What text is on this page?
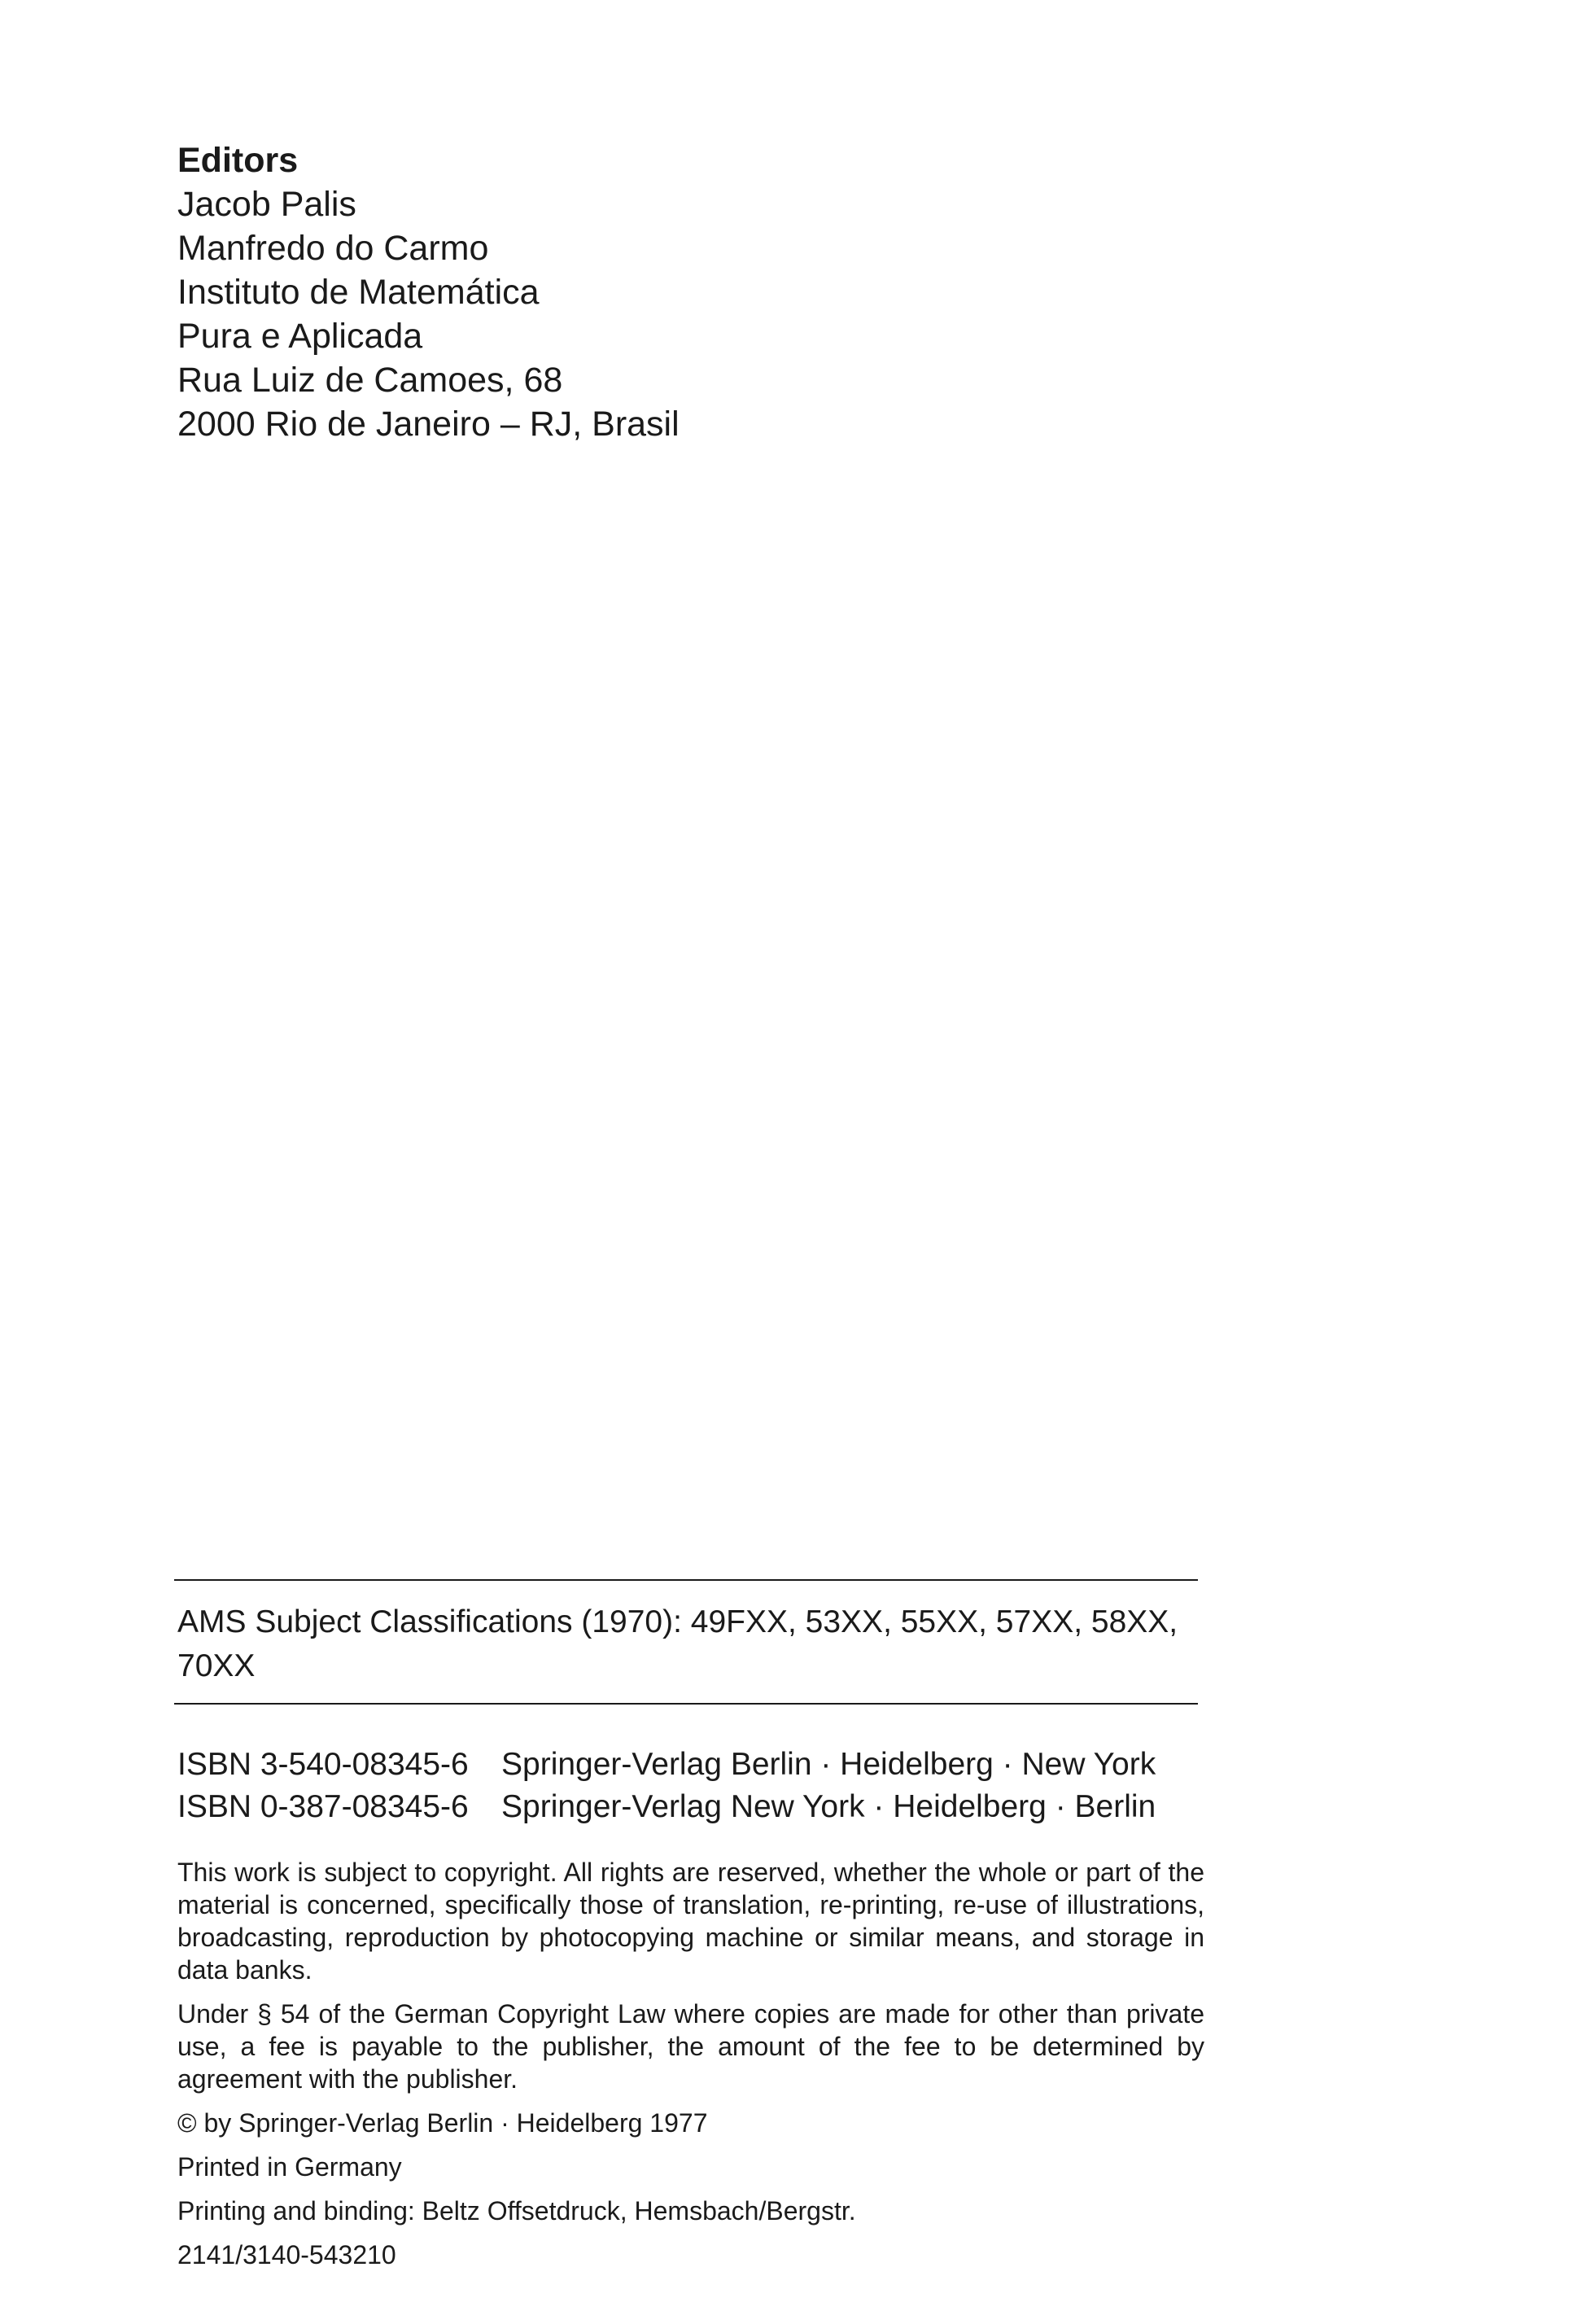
Editors

Jacob Palis

Manfredo do Carmo

Instituto de Matemática

Pura e Aplicada

Rua Luiz de Camoes, 68

2000 Rio de Janeiro – RJ, Brasil

AMS Subject Classifications (1970): 49FXX, 53XX, 55XX, 57XX, 58XX,

70XX

ISBN 3-540-08345-6	Springer-Verlag Berlin · Heidelberg · New York

ISBN 0-387-08345-6	Springer-Verlag New York · Heidelberg · Berlin

This work is subject to copyright. All rights are reserved, whether the whole or part of the material is concerned, specifically those of translation, re-printing, re-use of illustrations, broadcasting, reproduction by photocopying machine or similar means, and storage in data banks.

Under § 54 of the German Copyright Law where copies are made for other than private use, a fee is payable to the publisher, the amount of the fee to be determined by agreement with the publisher.

© by Springer-Verlag Berlin · Heidelberg 1977

Printed in Germany

Printing and binding: Beltz Offsetdruck, Hemsbach/Bergstr.

2141/3140-543210
